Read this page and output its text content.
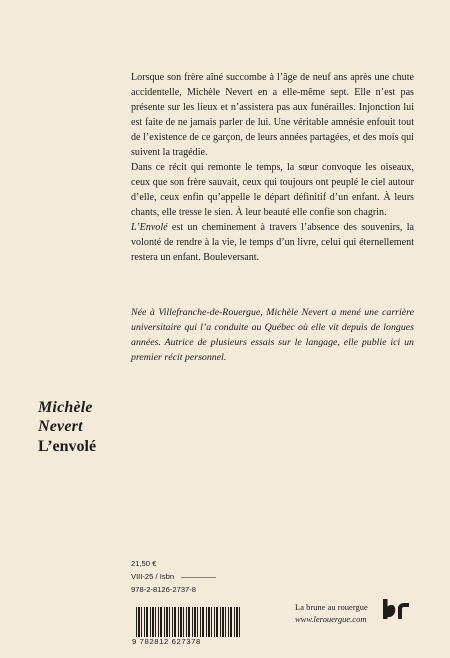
Lorsque son frère aîné succombe à l’âge de neuf ans après une chute accidentelle, Michèle Nevert en a elle-même sept. Elle n’est pas présente sur les lieux et n’assistera pas aux funérailles. Injonction lui est faite de ne jamais parler de lui. Une véritable amnésie enfouit tout de l’existence de ce garçon, de leurs années partagées, et des mois qui suivent la tragédie.

Dans ce récit qui remonte le temps, la sœur convoque les oiseaux, ceux que son frère sauvait, ceux qui toujours ont peuplé le ciel autour d’elle, ceux enfin qu’appelle le départ définitif d’un enfant. À leurs chants, elle tresse le sien. À leur beauté elle confie son chagrin.

L’Envolé est un cheminement à travers l’absence des souvenirs, la volonté de rendre à la vie, le temps d’un livre, celui qui éternellement restera un enfant. Bouleversant.

Née à Villefranche-de-Rouergue, Michèle Nevert a mené une carrière universitaire qui l’a conduite au Québec où elle vit depuis de longues années. Autrice de plusieurs essais sur le langage, elle publie ici un premier récit personnel.
Michèle
Nevert
L’envolé
21,50 €
VIII-25 / Isbn
978-2-8126-2737-8
9 782812 627378
La brune au rouergue
www.lerouergue.com
